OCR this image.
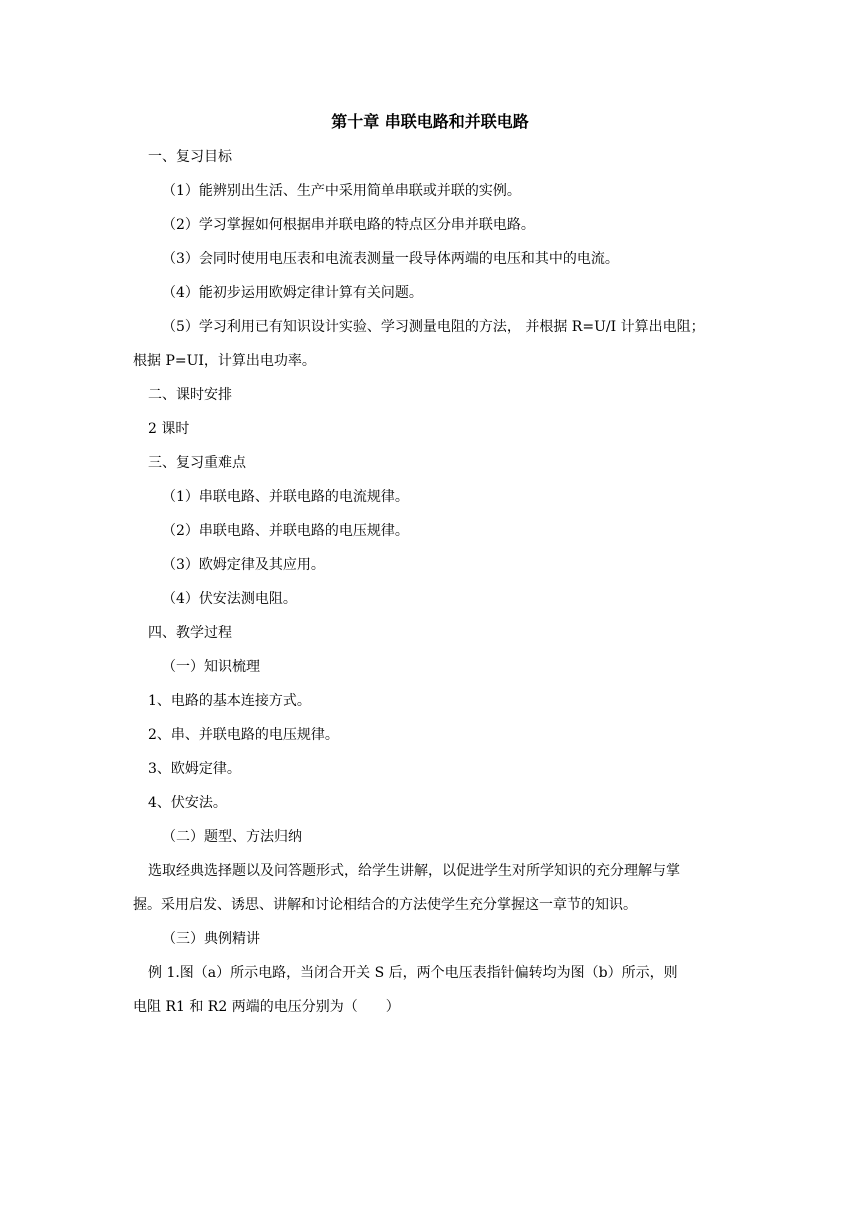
第十章 串联电路和并联电路
一、复习目标
（1）能辨别出生活、生产中采用简单串联或并联的实例。
（2）学习掌握如何根据串并联电路的特点区分串并联电路。
（3）会同时使用电压表和电流表测量一段导体两端的电压和其中的电流。
（4）能初步运用欧姆定律计算有关问题。
（5）学习利用已有知识设计实验、学习测量电阻的方法， 并根据 R=U/I 计算出电阻；
根据 P=UI，计算出电功率。
二、课时安排
2 课时
三、复习重难点
（1）串联电路、并联电路的电流规律。
（2）串联电路、并联电路的电压规律。
（3）欧姆定律及其应用。
（4）伏安法测电阻。
四、教学过程
（一）知识梳理
1、电路的基本连接方式。
2、串、并联电路的电压规律。
3、欧姆定律。
4、伏安法。
（二）题型、方法归纳
选取经典选择题以及问答题形式，给学生讲解，以促进学生对所学知识的充分理解与掌
握。采用启发、诱思、讲解和讨论相结合的方法使学生充分掌握这一章节的知识。
（三）典例精讲
例 1.图（a）所示电路，当闭合开关 S 后，两个电压表指针偏转均为图（b）所示，则
电阻 R1 和 R2 两端的电压分别为（　　）
